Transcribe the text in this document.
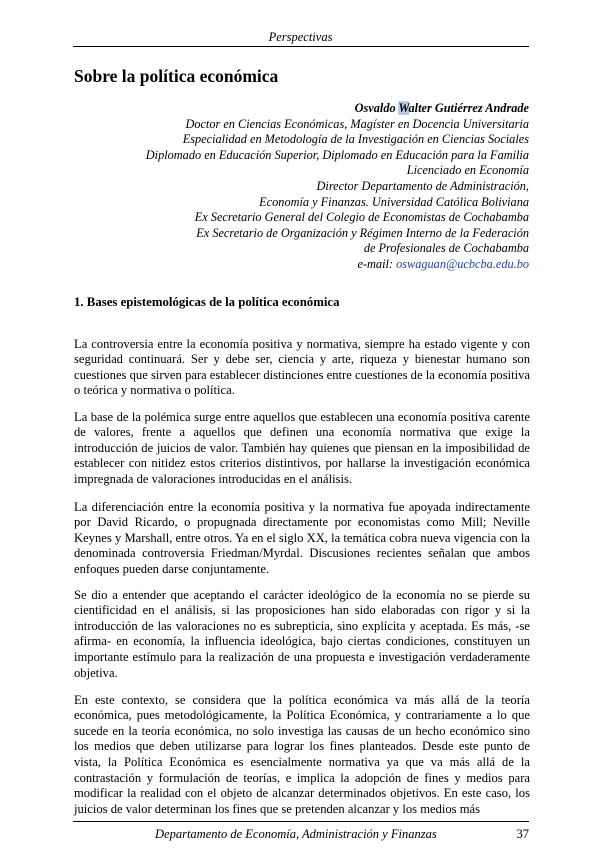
Perspectivas
Sobre la política económica
Osvaldo Walter Gutiérrez Andrade
Doctor en Ciencias Económicas, Magíster en Docencia Universitaria
Especialidad en Metodología de la Investigación en Ciencias Sociales
Diplomado en Educación Superior, Diplomado en Educación para la Familia
Licenciado en Economía
Director Departamento de Administración,
Economía y Finanzas. Universidad Católica Boliviana
Ex Secretario General del Colegio de Economistas de Cochabamba
Ex Secretario de Organización y Régimen Interno de la Federación
de Profesionales de Cochabamba
e-mail: oswaguan@ucbcba.edu.bo
1. Bases epistemológicas de la política económica

La controversia entre la economía positiva y normativa, siempre ha estado vigente y con seguridad continuará. Ser y debe ser, ciencia y arte, riqueza y bienestar humano son cuestiones que sirven para establecer distinciones entre cuestiones de la economía positiva o teórica y normativa o política.

La base de la polémica surge entre aquellos que establecen una economía positiva carente de valores, frente a aquellos que definen una economía normativa que exige la introducción de juicios de valor. También hay quienes que piensan en la imposibilidad de establecer con nitidez estos criterios distintivos, por hallarse la investigación económica impregnada de valoraciones introducidas en el análisis.

La diferenciación entre la economía positiva y la normativa fue apoyada indirectamente por David Ricardo, o propugnada directamente por economistas como Mill; Neville Keynes y Marshall, entre otros. Ya en el siglo XX, la temática cobra nueva vigencia con la denominada controversia Friedman/Myrdal. Discusiones recientes señalan que ambos enfoques pueden darse conjuntamente.

Se dio a entender que aceptando el carácter ideológico de la economía no se pierde su cientificidad en el análisis, si las proposiciones han sido elaboradas con rigor y si la introducción de las valoraciones no es subrepticia, sino explícita y aceptada. Es más, -se afirma- en economía, la influencia ideológica, bajo ciertas condiciones, constituyen un importante estímulo para la realización de una propuesta e investigación verdaderamente objetiva.

En este contexto, se considera que la política económica va más allá de la teoría económica, pues metodológicamente, la Política Económica, y contrariamente a lo que sucede en la teoría económica, no solo investiga las causas de un hecho económico sino los medios que deben utilizarse para lograr los fines planteados. Desde este punto de vista, la Política Económica es esencialmente normativa ya que va más allá de la contrastación y formulación de teorías, e implica la adopción de fines y medios para modificar la realidad con el objeto de alcanzar determinados objetivos. En este caso, los juicios de valor determinan los fines que se pretenden alcanzar y los medios más

Departamento de Economía, Administración y Finanzas	37
